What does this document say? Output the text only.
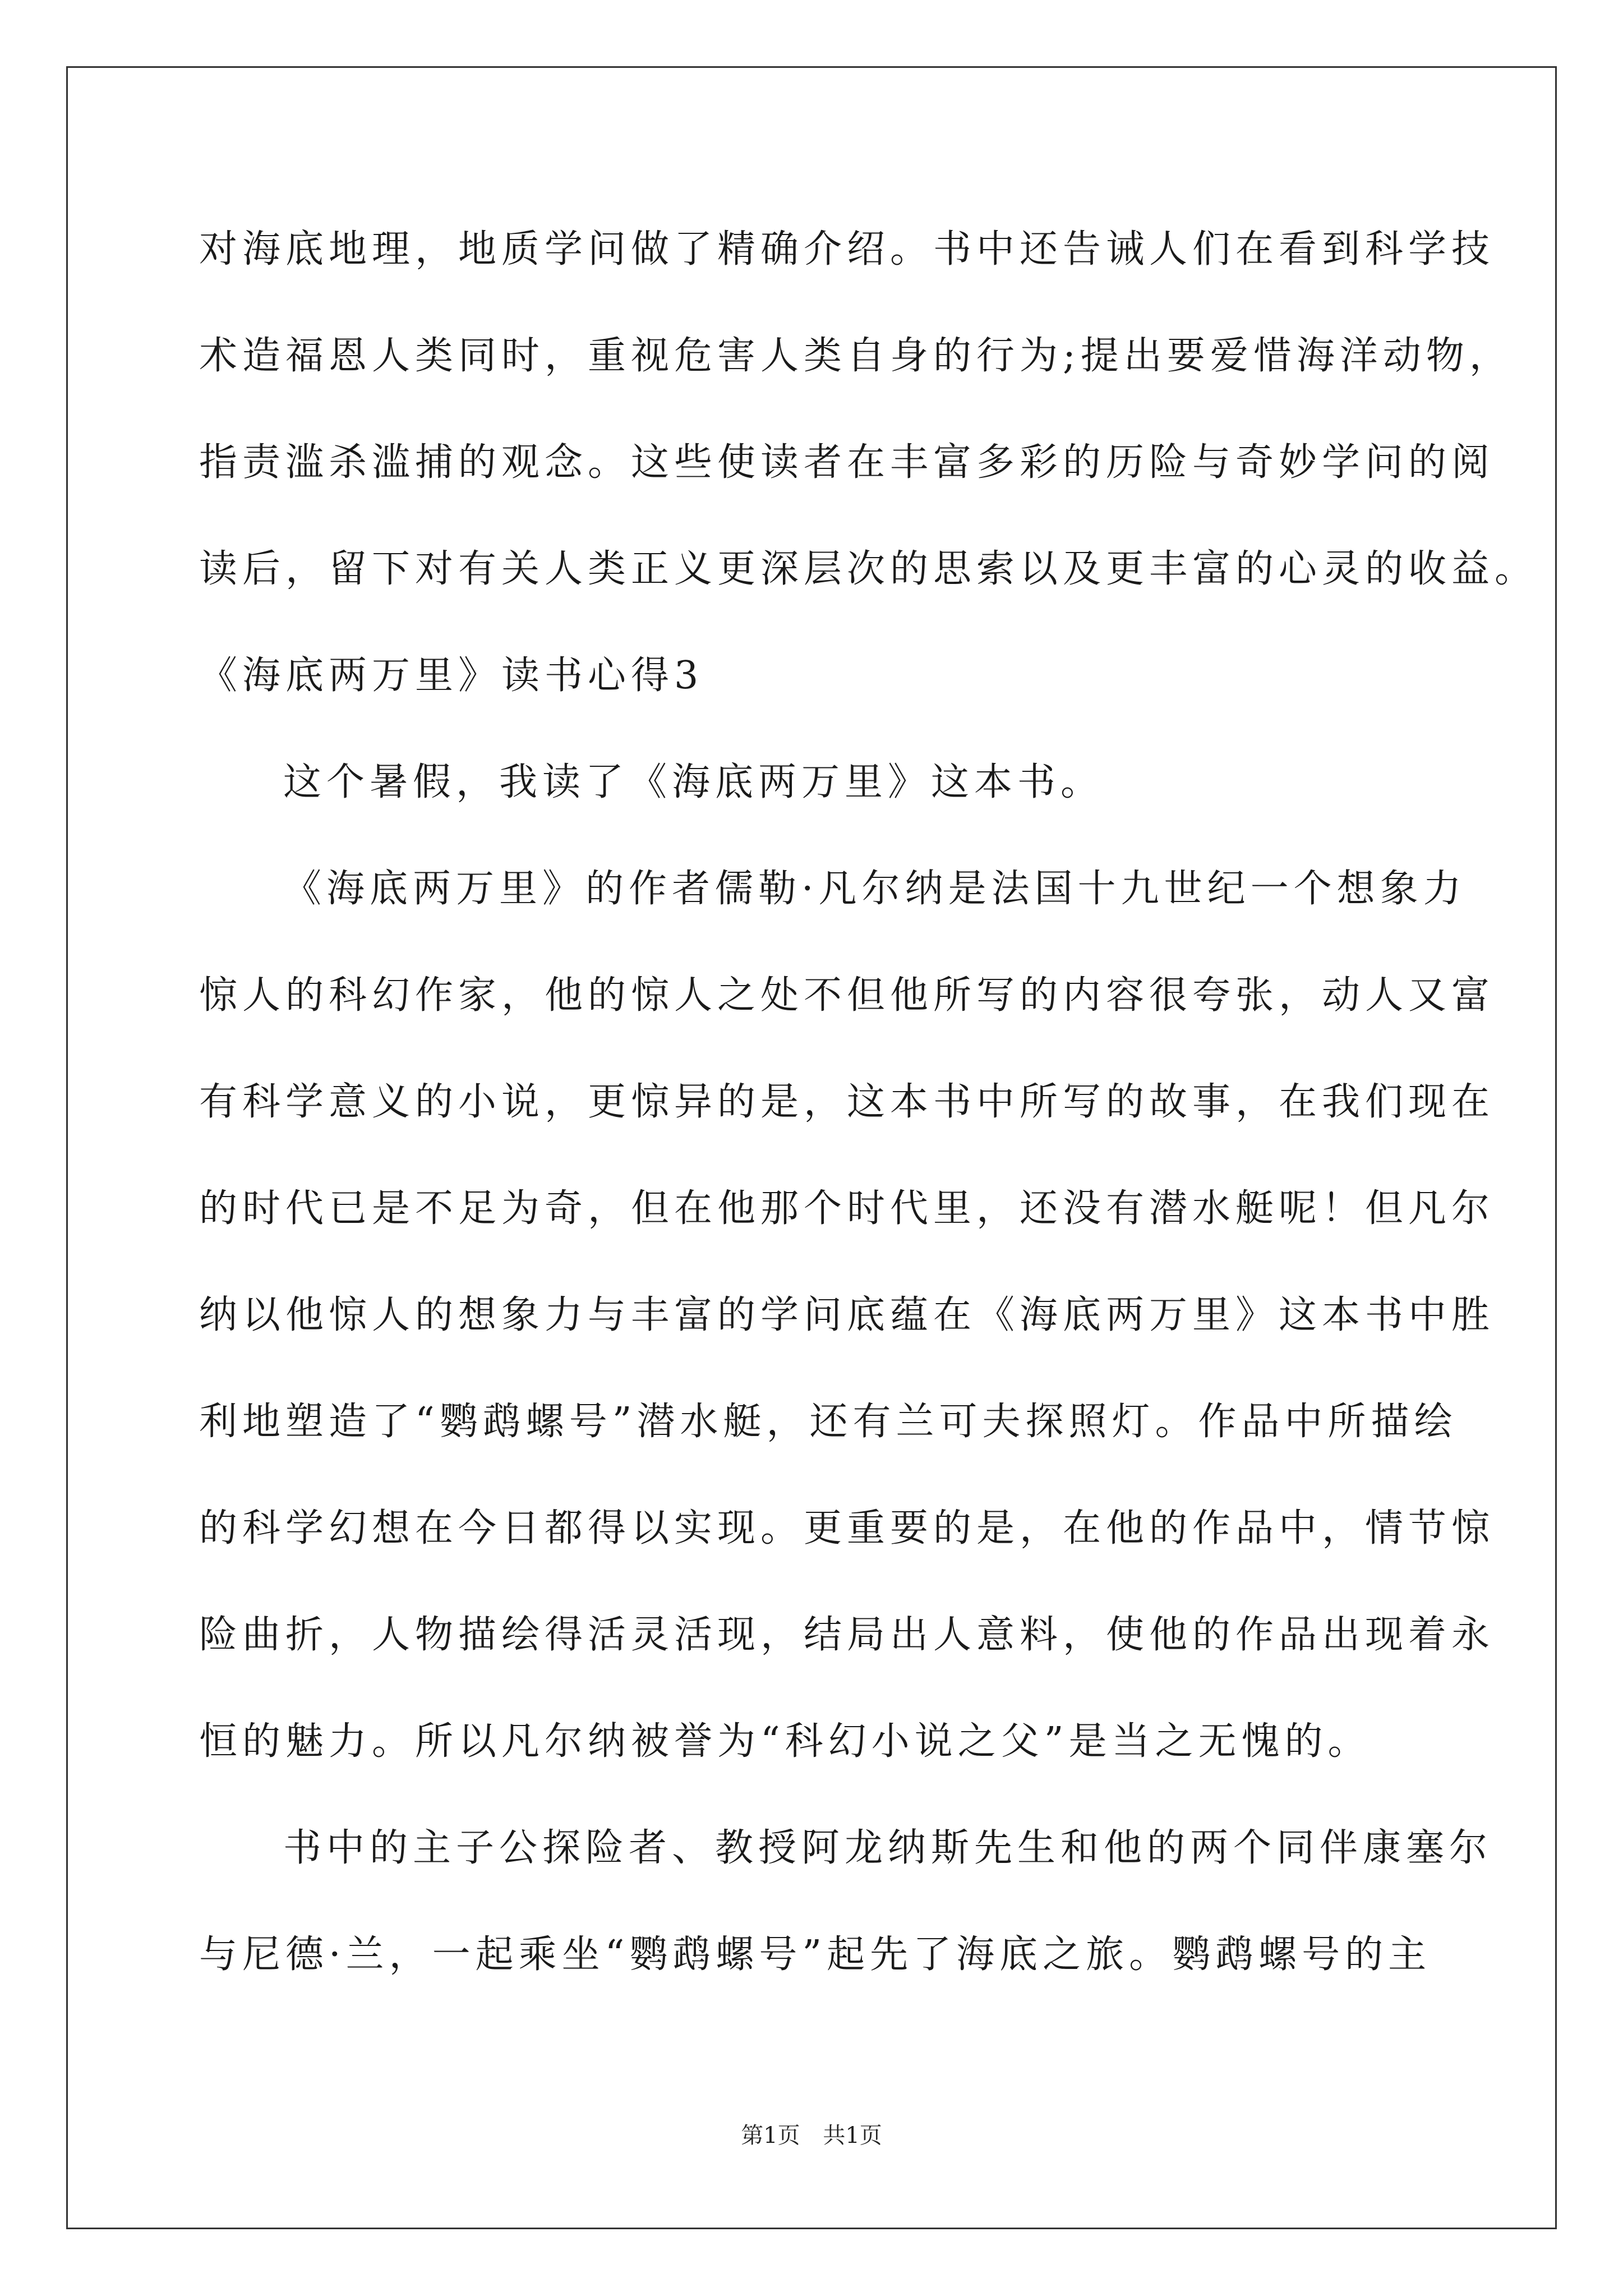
对海底地理，地质学问做了精确介绍。书中还告诫人们在看到科学技
术造福恩人类同时，重视危害人类自身的行为;提出要爱惜海洋动物，
指责滥杀滥捕的观念。这些使读者在丰富多彩的历险与奇妙学问的阅
读后，留下对有关人类正义更深层次的思索以及更丰富的心灵的收益。
《海底两万里》读书心得3
这个暑假，我读了《海底两万里》这本书。
《海底两万里》的作者儒勒·凡尔纳是法国十九世纪一个想象力
惊人的科幻作家，他的惊人之处不但他所写的内容很夸张，动人又富
有科学意义的小说，更惊异的是，这本书中所写的故事，在我们现在
的时代已是不足为奇，但在他那个时代里，还没有潜水艇呢！但凡尔
纳以他惊人的想象力与丰富的学问底蕴在《海底两万里》这本书中胜
利地塑造了“鹦鹉螺号”潜水艇，还有兰可夫探照灯。作品中所描绘
的科学幻想在今日都得以实现。更重要的是，在他的作品中，情节惊
险曲折，人物描绘得活灵活现，结局出人意料，使他的作品出现着永
恒的魅力。所以凡尔纳被誉为“科幻小说之父”是当之无愧的。
书中的主子公探险者、教授阿龙纳斯先生和他的两个同伴康塞尔
与尼德·兰，一起乘坐“鹦鹉螺号”起先了海底之旅。鹦鹉螺号的主
第1页 共1页
